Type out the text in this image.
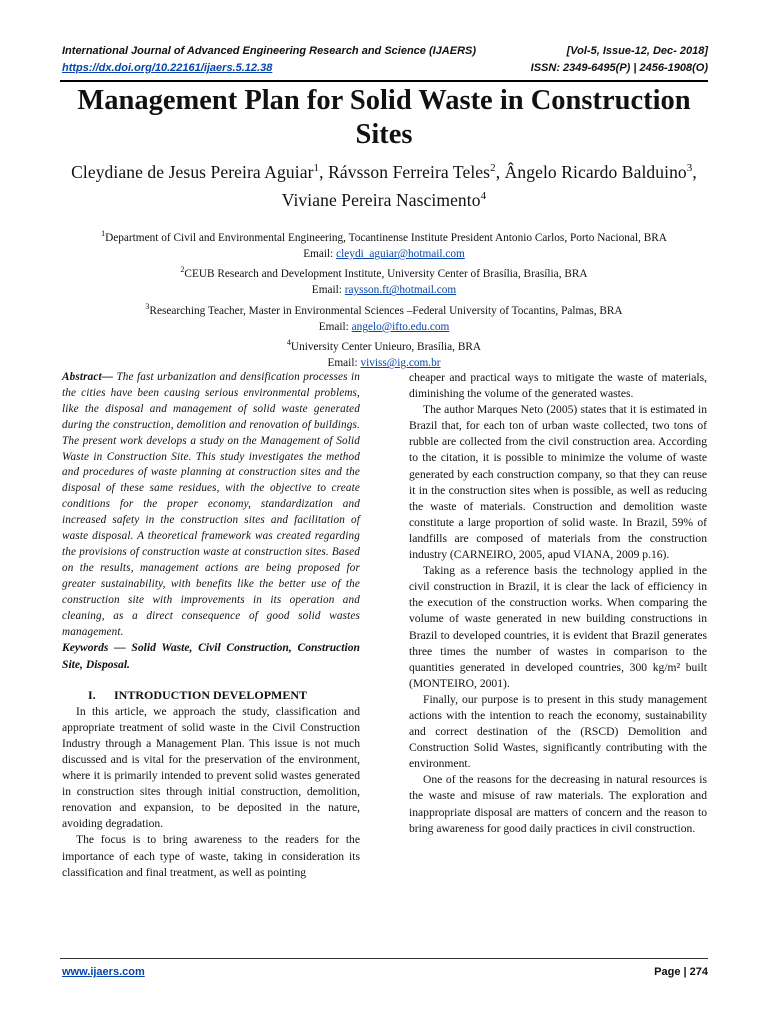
International Journal of Advanced Engineering Research and Science (IJAERS)	[Vol-5, Issue-12, Dec- 2018]
https://dx.doi.org/10.22161/ijaers.5.12.38	ISSN: 2349-6495(P) | 2456-1908(O)
Management Plan for Solid Waste in Construction Sites
Cleydiane de Jesus Pereira Aguiar$^1$, Rávsson Ferreira Teles$^2$, Ângelo Ricardo Balduino$^3$, Viviane Pereira Nascimento$^4$
$^1$Department of Civil and Environmental Engineering, Tocantinense Institute President Antonio Carlos, Porto Nacional, BRA
Email: cleydi_aguiar@hotmail.com
$^2$CEUB Research and Development Institute, University Center of Brasília, Brasília, BRA
Email: raysson.ft@hotmail.com
$^3$Researching Teacher, Master in Environmental Sciences –Federal University of Tocantins, Palmas, BRA
Email: angelo@ifto.edu.com
$^4$University Center Unieuro, Brasília, BRA
Email: viviss@ig.com.br

Abstract— The fast urbanization and densification processes in the cities have been causing serious environmental problems, like the disposal and management of solid waste generated during the construction, demolition and renovation of buildings. The present work develops a study on the Management of Solid Waste in Construction Site. This study investigates the method and procedures of waste planning at construction sites and the disposal of these same residues, with the objective to create conditions for the proper economy, standardization and increased safety in the construction sites and facilitation of waste disposal. A theoretical framework was created regarding the provisions of construction waste at construction sites. Based on the results, management actions are being proposed for greater sustainability, with benefits like the better use of the construction site with improvements in its operation and cleaning, as a direct consequence of good solid wastes management.

Keywords — Solid Waste, Civil Construction, Construction Site, Disposal.

I. INTRODUCTION DEVELOPMENT

In this article, we approach the study, classification and appropriate treatment of solid waste in the Civil Construction Industry through a Management Plan. This issue is not much discussed and is vital for the preservation of the environment, where it is primarily intended to prevent solid wastes generated in construction sites through initial construction, demolition, renovation and expansion, to be deposited in the nature, avoiding degradation.

The focus is to bring awareness to the readers for the importance of each type of waste, taking in consideration its classification and final treatment, as well as pointing

cheaper and practical ways to mitigate the waste of materials, diminishing the volume of the generated wastes.

The author Marques Neto (2005) states that it is estimated in Brazil that, for each ton of urban waste collected, two tons of rubble are collected from the civil construction area. According to the citation, it is possible to minimize the volume of waste generated by each construction company, so that they can reuse it in the construction sites when is possible, as well as reducing the waste of materials. Construction and demolition waste constitute a large proportion of solid waste. In Brazil, 59% of landfills are composed of materials from the construction industry (CARNEIRO, 2005, apud VIANA, 2009 p.16).

Taking as a reference basis the technology applied in the civil construction in Brazil, it is clear the lack of efficiency in the execution of the construction works. When comparing the volume of waste generated in new building constructions in Brazil to developed countries, it is evident that Brazil generates three times the number of wastes in comparison to the quantities generated in developed countries, 300 kg/m² built (MONTEIRO, 2001).

Finally, our purpose is to present in this study management actions with the intention to reach the economy, sustainability and correct destination of the (RSCD) Demolition and Construction Solid Wastes, significantly contributing with the environment.

One of the reasons for the decreasing in natural resources is the waste and misuse of raw materials. The exploration and inappropriate disposal are matters of concern and the reason to bring awareness for good daily practices in civil construction.

www.ijaers.com	Page | 274
